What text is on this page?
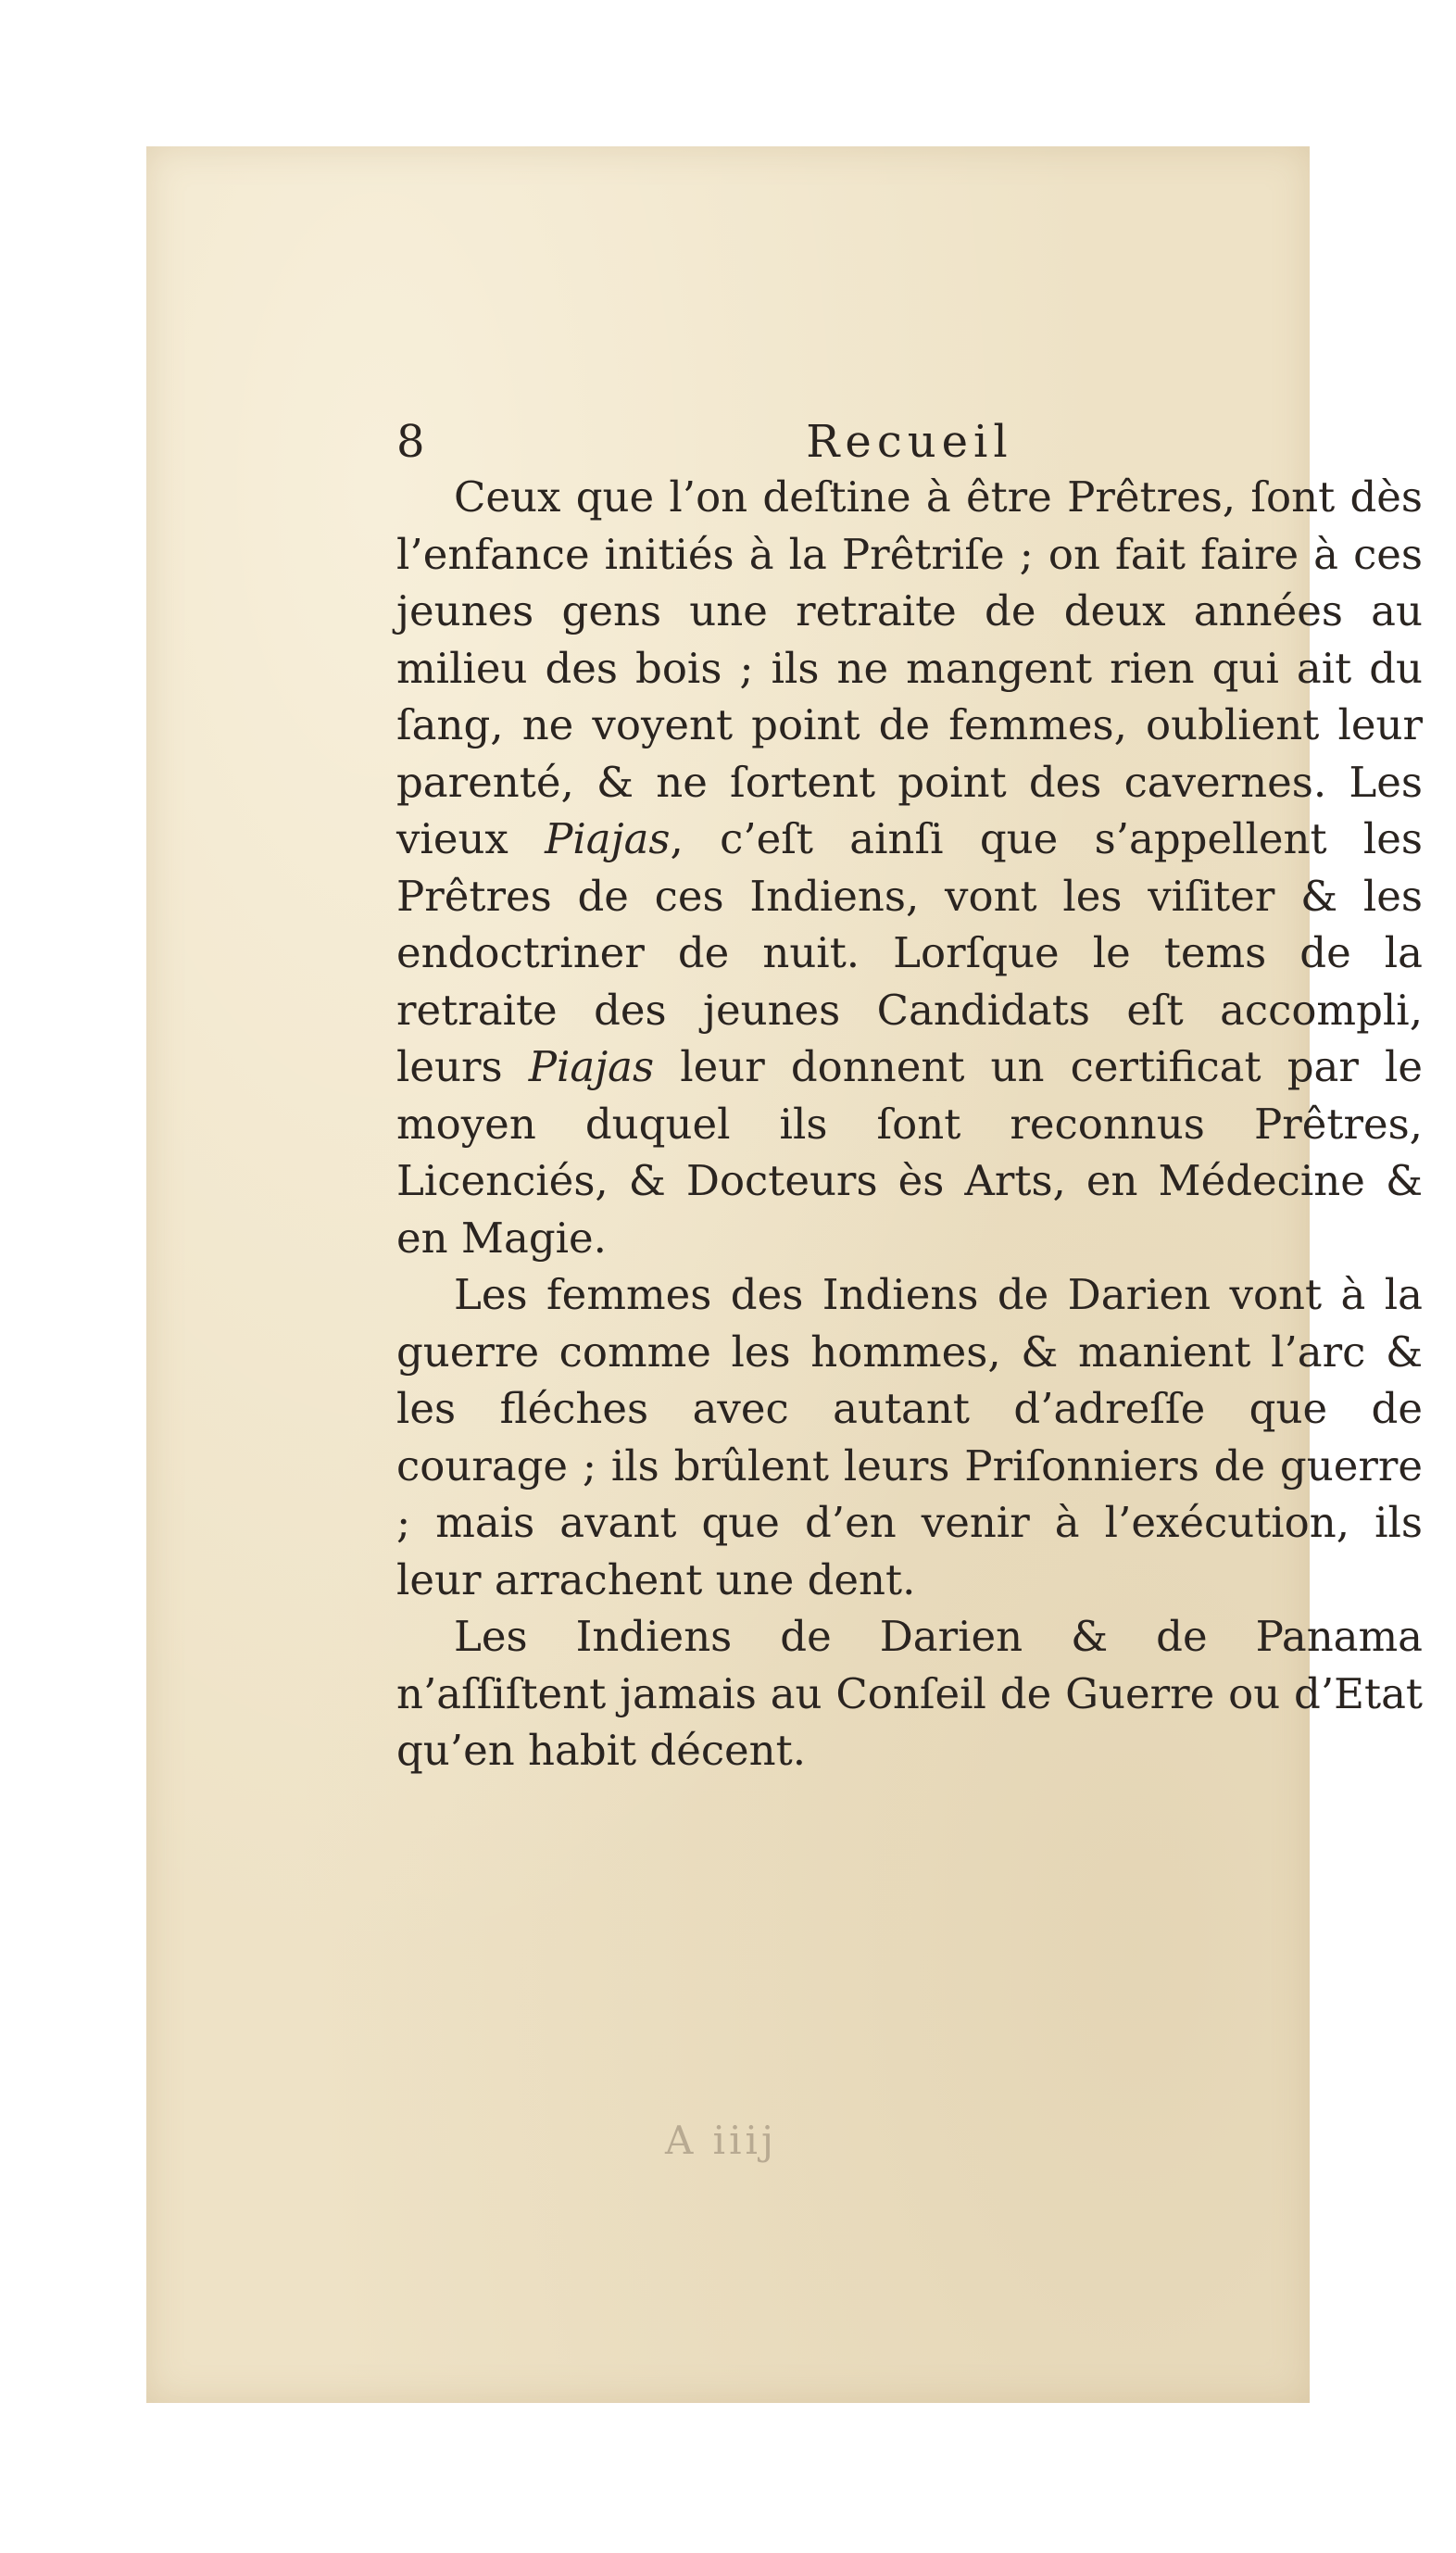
8	Recueil

Ceux que l’on deſtine à être Prêtres, ſont dès l’enfance initiés à la Prêtriſe ; on fait faire à ces jeunes gens une retraite de deux années au milieu des bois ; ils ne mangent rien qui ait du ſang, ne voyent point de femmes, oublient leur parenté, & ne ſortent point des cavernes. Les vieux Piajas, c’eſt ainſi que s’appellent les Prêtres de ces Indiens, vont les viſiter & les endoctriner de nuit. Lorſque le tems de la retraite des jeunes Candidats eſt accompli, leurs Piajas leur donnent un certificat par le moyen duquel ils ſont reconnus Prêtres, Licenciés, & Docteurs ès Arts, en Médecine & en Magie.

Les femmes des Indiens de Darien vont à la guerre comme les hommes, & manient l’arc & les fléches avec autant d’adreſſe que de courage ; ils brûlent leurs Priſonniers de guerre ; mais avant que d’en venir à l’exécution, ils leur arrachent une dent.

Les Indiens de Darien & de Panama n’aſſiſtent jamais au Conſeil de Guerre ou d’Etat qu’en habit décent.

A iiij
